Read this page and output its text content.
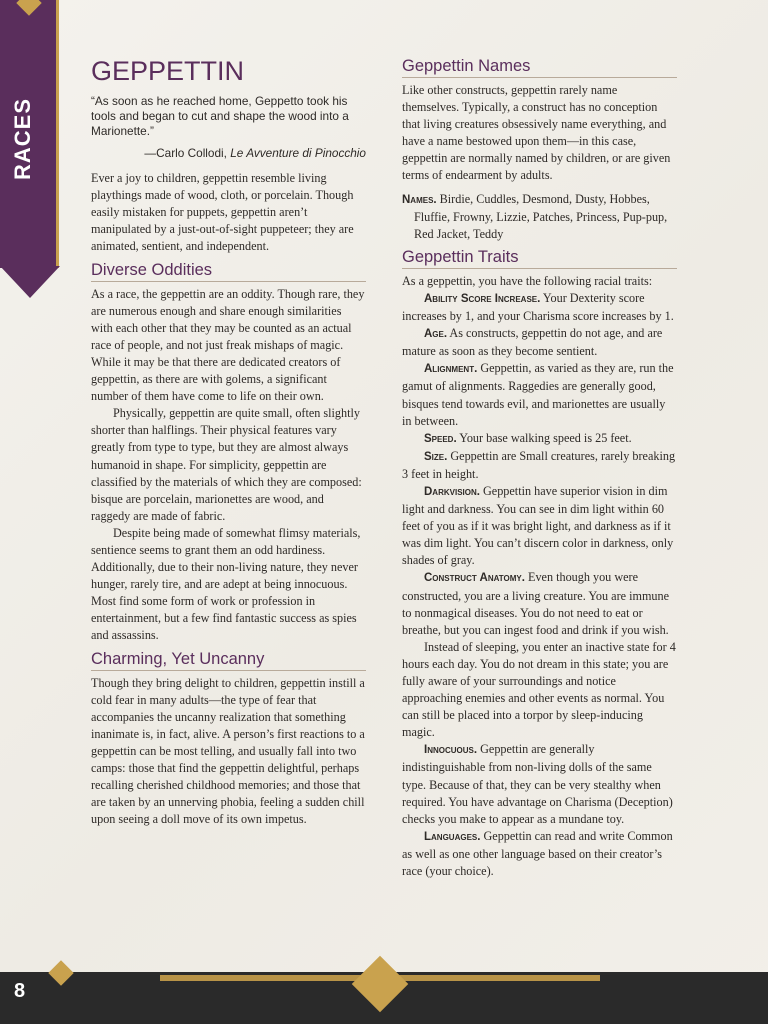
RACES
GEPPETTIN

“As soon as he reached home, Geppetto took his tools and began to cut and shape the wood into a Marionette.”

—Carlo Collodi, Le Avventure di Pinocchio

Ever a joy to children, geppettin resemble living playthings made of wood, cloth, or porcelain. Though easily mistaken for puppets, geppettin aren’t manipulated by a just-out-of-sight puppeteer; they are animated, sentient, and independent.

Diverse Oddities

As a race, the geppettin are an oddity. Though rare, they are numerous enough and share enough similarities with each other that they may be counted as an actual race of people, and not just freak mishaps of magic. While it may be that there are dedicated creators of geppettin, as there are with golems, a significant number of them have come to life on their own.

Physically, geppettin are quite small, often slightly shorter than halflings. Their physical features vary greatly from type to type, but they are almost always humanoid in shape. For simplicity, geppettin are classified by the materials of which they are composed: bisque are porcelain, marionettes are wood, and raggedy are made of fabric.

Despite being made of somewhat flimsy materials, sentience seems to grant them an odd hardiness. Additionally, due to their non-living nature, they never hunger, rarely tire, and are adept at being innocuous. Most find some form of work or profession in entertainment, but a few find fantastic success as spies and assassins.

Charming, Yet Uncanny

Though they bring delight to children, geppettin instill a cold fear in many adults—the type of fear that accompanies the uncanny realization that something inanimate is, in fact, alive. A person’s first reactions to a geppettin can be most telling, and usually fall into two camps: those that find the geppettin delightful, perhaps recalling cherished childhood memories; and those that are taken by an unnerving phobia, feeling a sudden chill upon seeing a doll move of its own impetus.

Geppettin Names

Like other constructs, geppettin rarely name themselves. Typically, a construct has no conception that living creatures obsessively name everything, and have a name bestowed upon them—in this case, geppettin are normally named by children, or are given terms of endearment by adults.

Names. Birdie, Cuddles, Desmond, Dusty, Hobbes, Fluffie, Frowny, Lizzie, Patches, Princess, Pup-pup, Red Jacket, Teddy

Geppettin Traits

As a geppettin, you have the following racial traits:

Ability Score Increase. Your Dexterity score increases by 1, and your Charisma score increases by 1.

Age. As constructs, geppettin do not age, and are mature as soon as they become sentient.

Alignment. Geppettin, as varied as they are, run the gamut of alignments. Raggedies are generally good, bisques tend towards evil, and marionettes are usually in between.

Speed. Your base walking speed is 25 feet.

Size. Geppettin are Small creatures, rarely breaking 3 feet in height.

Darkvision. Geppettin have superior vision in dim light and darkness. You can see in dim light within 60 feet of you as if it was bright light, and darkness as if it was dim light. You can’t discern color in darkness, only shades of gray.

Construct Anatomy. Even though you were constructed, you are a living creature. You are immune to nonmagical diseases. You do not need to eat or breathe, but you can ingest food and drink if you wish.

Instead of sleeping, you enter an inactive state for 4 hours each day. You do not dream in this state; you are fully aware of your surroundings and notice approaching enemies and other events as normal. You can still be placed into a torpor by sleep-inducing magic.

Innocuous. Geppettin are generally indistinguishable from non-living dolls of the same type. Because of that, they can be very stealthy when required. You have advantage on Charisma (Deception) checks you make to appear as a mundane toy.

Languages. Geppettin can read and write Common as well as one other language based on their creator’s race (your choice).

8
